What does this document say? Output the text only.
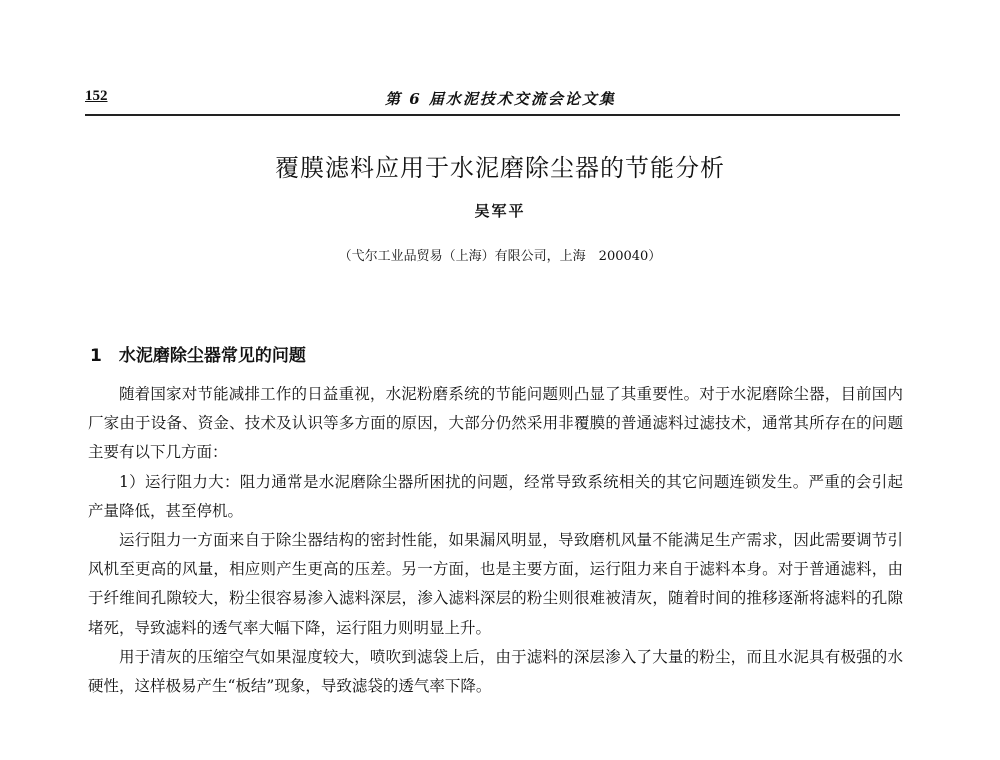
152	第 6 届水泥技术交流会论文集
覆膜滤料应用于水泥磨除尘器的节能分析
吴军平
（弋尔工业品贸易（上海）有限公司，上海　200040）
1　水泥磨除尘器常见的问题

随着国家对节能减排工作的日益重视，水泥粉磨系统的节能问题则凸显了其重要性。对于水泥磨除尘器，目前国内厂家由于设备、资金、技术及认识等多方面的原因，大部分仍然采用非覆膜的普通滤料过滤技术，通常其所存在的问题主要有以下几方面：

1）运行阻力大：阻力通常是水泥磨除尘器所困扰的问题，经常导致系统相关的其它问题连锁发生。严重的会引起产量降低，甚至停机。

运行阻力一方面来自于除尘器结构的密封性能，如果漏风明显，导致磨机风量不能满足生产需求，因此需要调节引风机至更高的风量，相应则产生更高的压差。另一方面，也是主要方面，运行阻力来自于滤料本身。对于普通滤料，由于纤维间孔隙较大，粉尘很容易渗入滤料深层，渗入滤料深层的粉尘则很难被清灰，随着时间的推移逐渐将滤料的孔隙堵死，导致滤料的透气率大幅下降，运行阻力则明显上升。

用于清灰的压缩空气如果湿度较大，喷吹到滤袋上后，由于滤料的深层渗入了大量的粉尘，而且水泥具有极强的水硬性，这样极易产生“板结”现象，导致滤袋的透气率下降。
